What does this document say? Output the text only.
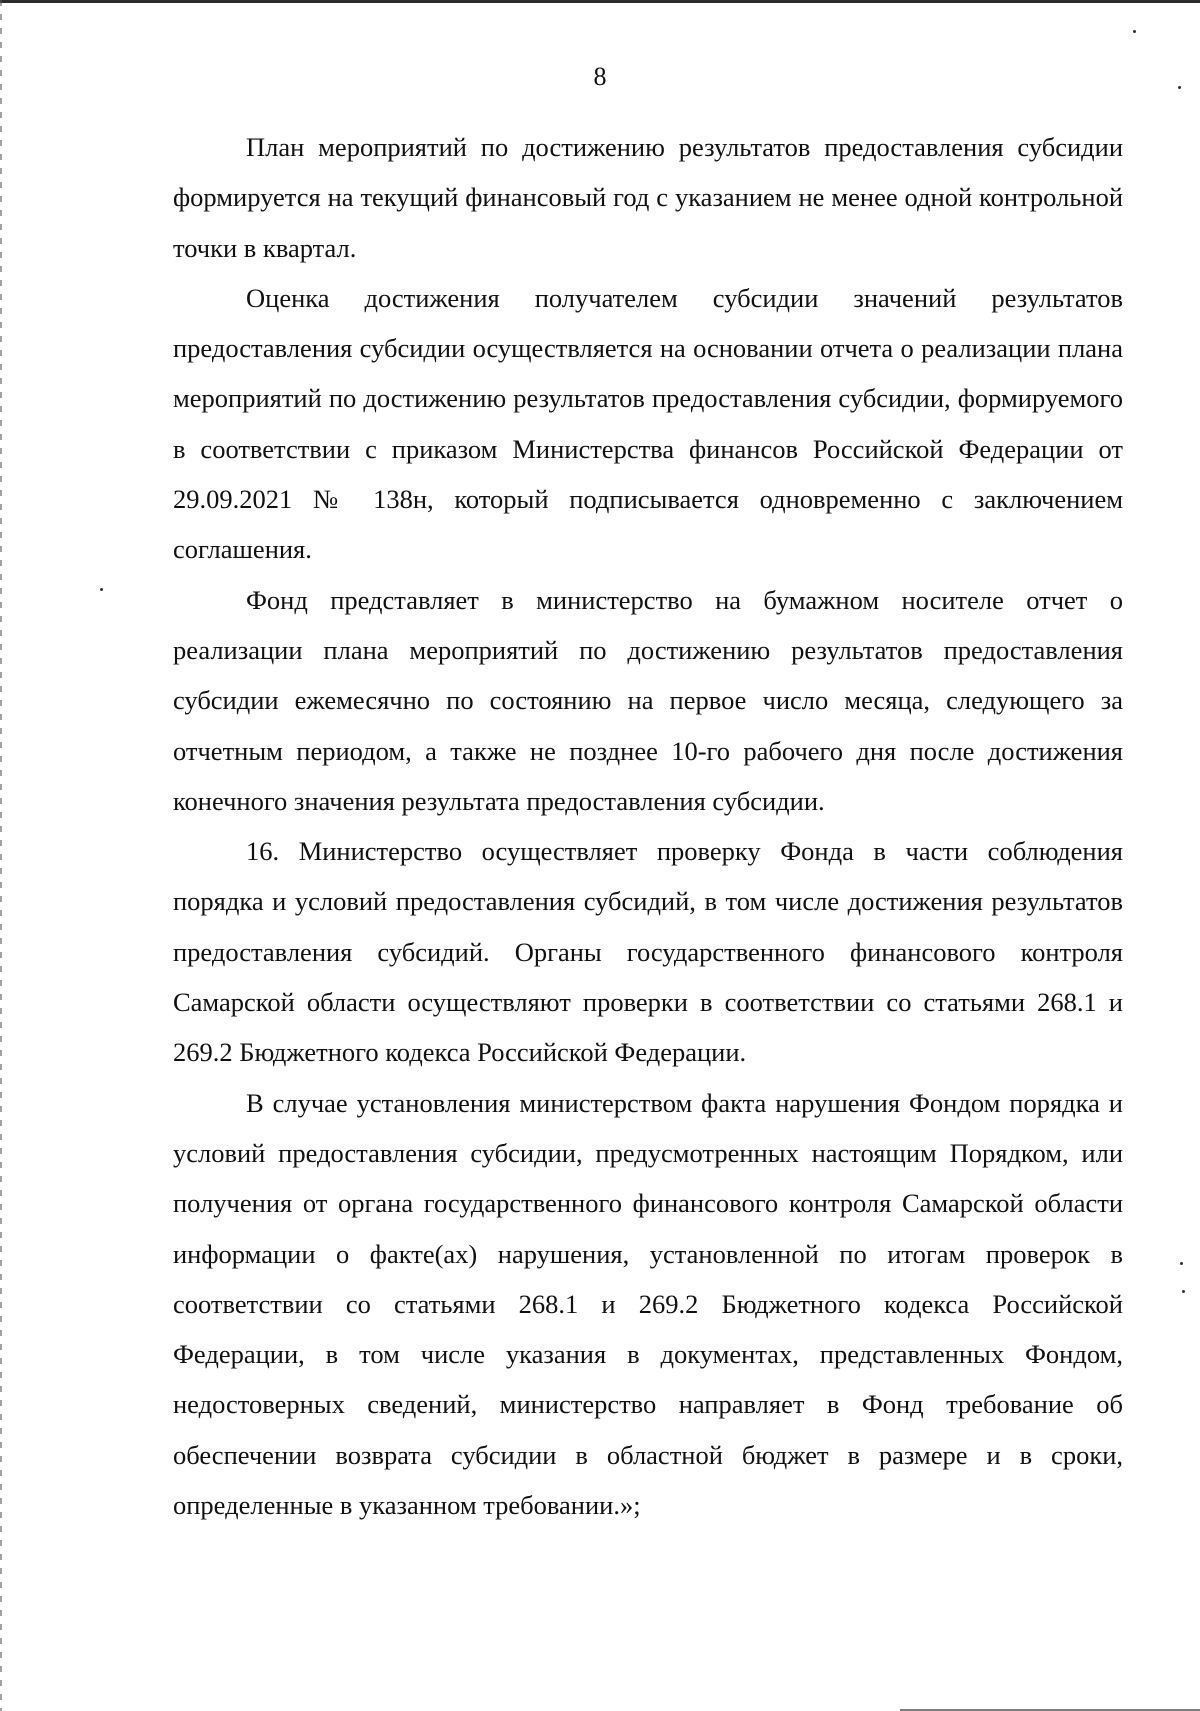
8

План мероприятий по достижению результатов предоставления субсидии формируется на текущий финансовый год с указанием не менее одной контрольной точки в квартал.

Оценка достижения получателем субсидии значений результатов предоставления субсидии осуществляется на основании отчета о реализации плана мероприятий по достижению результатов предоставления субсидии, формируемого в соответствии с приказом Министерства финансов Российской Федерации от 29.09.2021 № 138н, который подписывается одновременно с заключением соглашения.

Фонд представляет в министерство на бумажном носителе отчет о реализации плана мероприятий по достижению результатов предоставления субсидии ежемесячно по состоянию на первое число месяца, следующего за отчетным периодом, а также не позднее 10-го рабочего дня после достижения конечного значения результата предоставления субсидии.

16. Министерство осуществляет проверку Фонда в части соблюдения порядка и условий предоставления субсидий, в том числе достижения результатов предоставления субсидий. Органы государственного финансового контроля Самарской области осуществляют проверки в соответствии со статьями 268.1 и 269.2 Бюджетного кодекса Российской Федерации.

В случае установления министерством факта нарушения Фондом порядка и условий предоставления субсидии, предусмотренных настоящим Порядком, или получения от органа государственного финансового контроля Самарской области информации о факте(ах) нарушения, установленной по итогам проверок в соответствии со статьями 268.1 и 269.2 Бюджетного кодекса Российской Федерации, в том числе указания в документах, представленных Фондом, недостоверных сведений, министерство направляет в Фонд требование об обеспечении возврата субсидии в областной бюджет в размере и в сроки, определенные в указанном требовании.»;
